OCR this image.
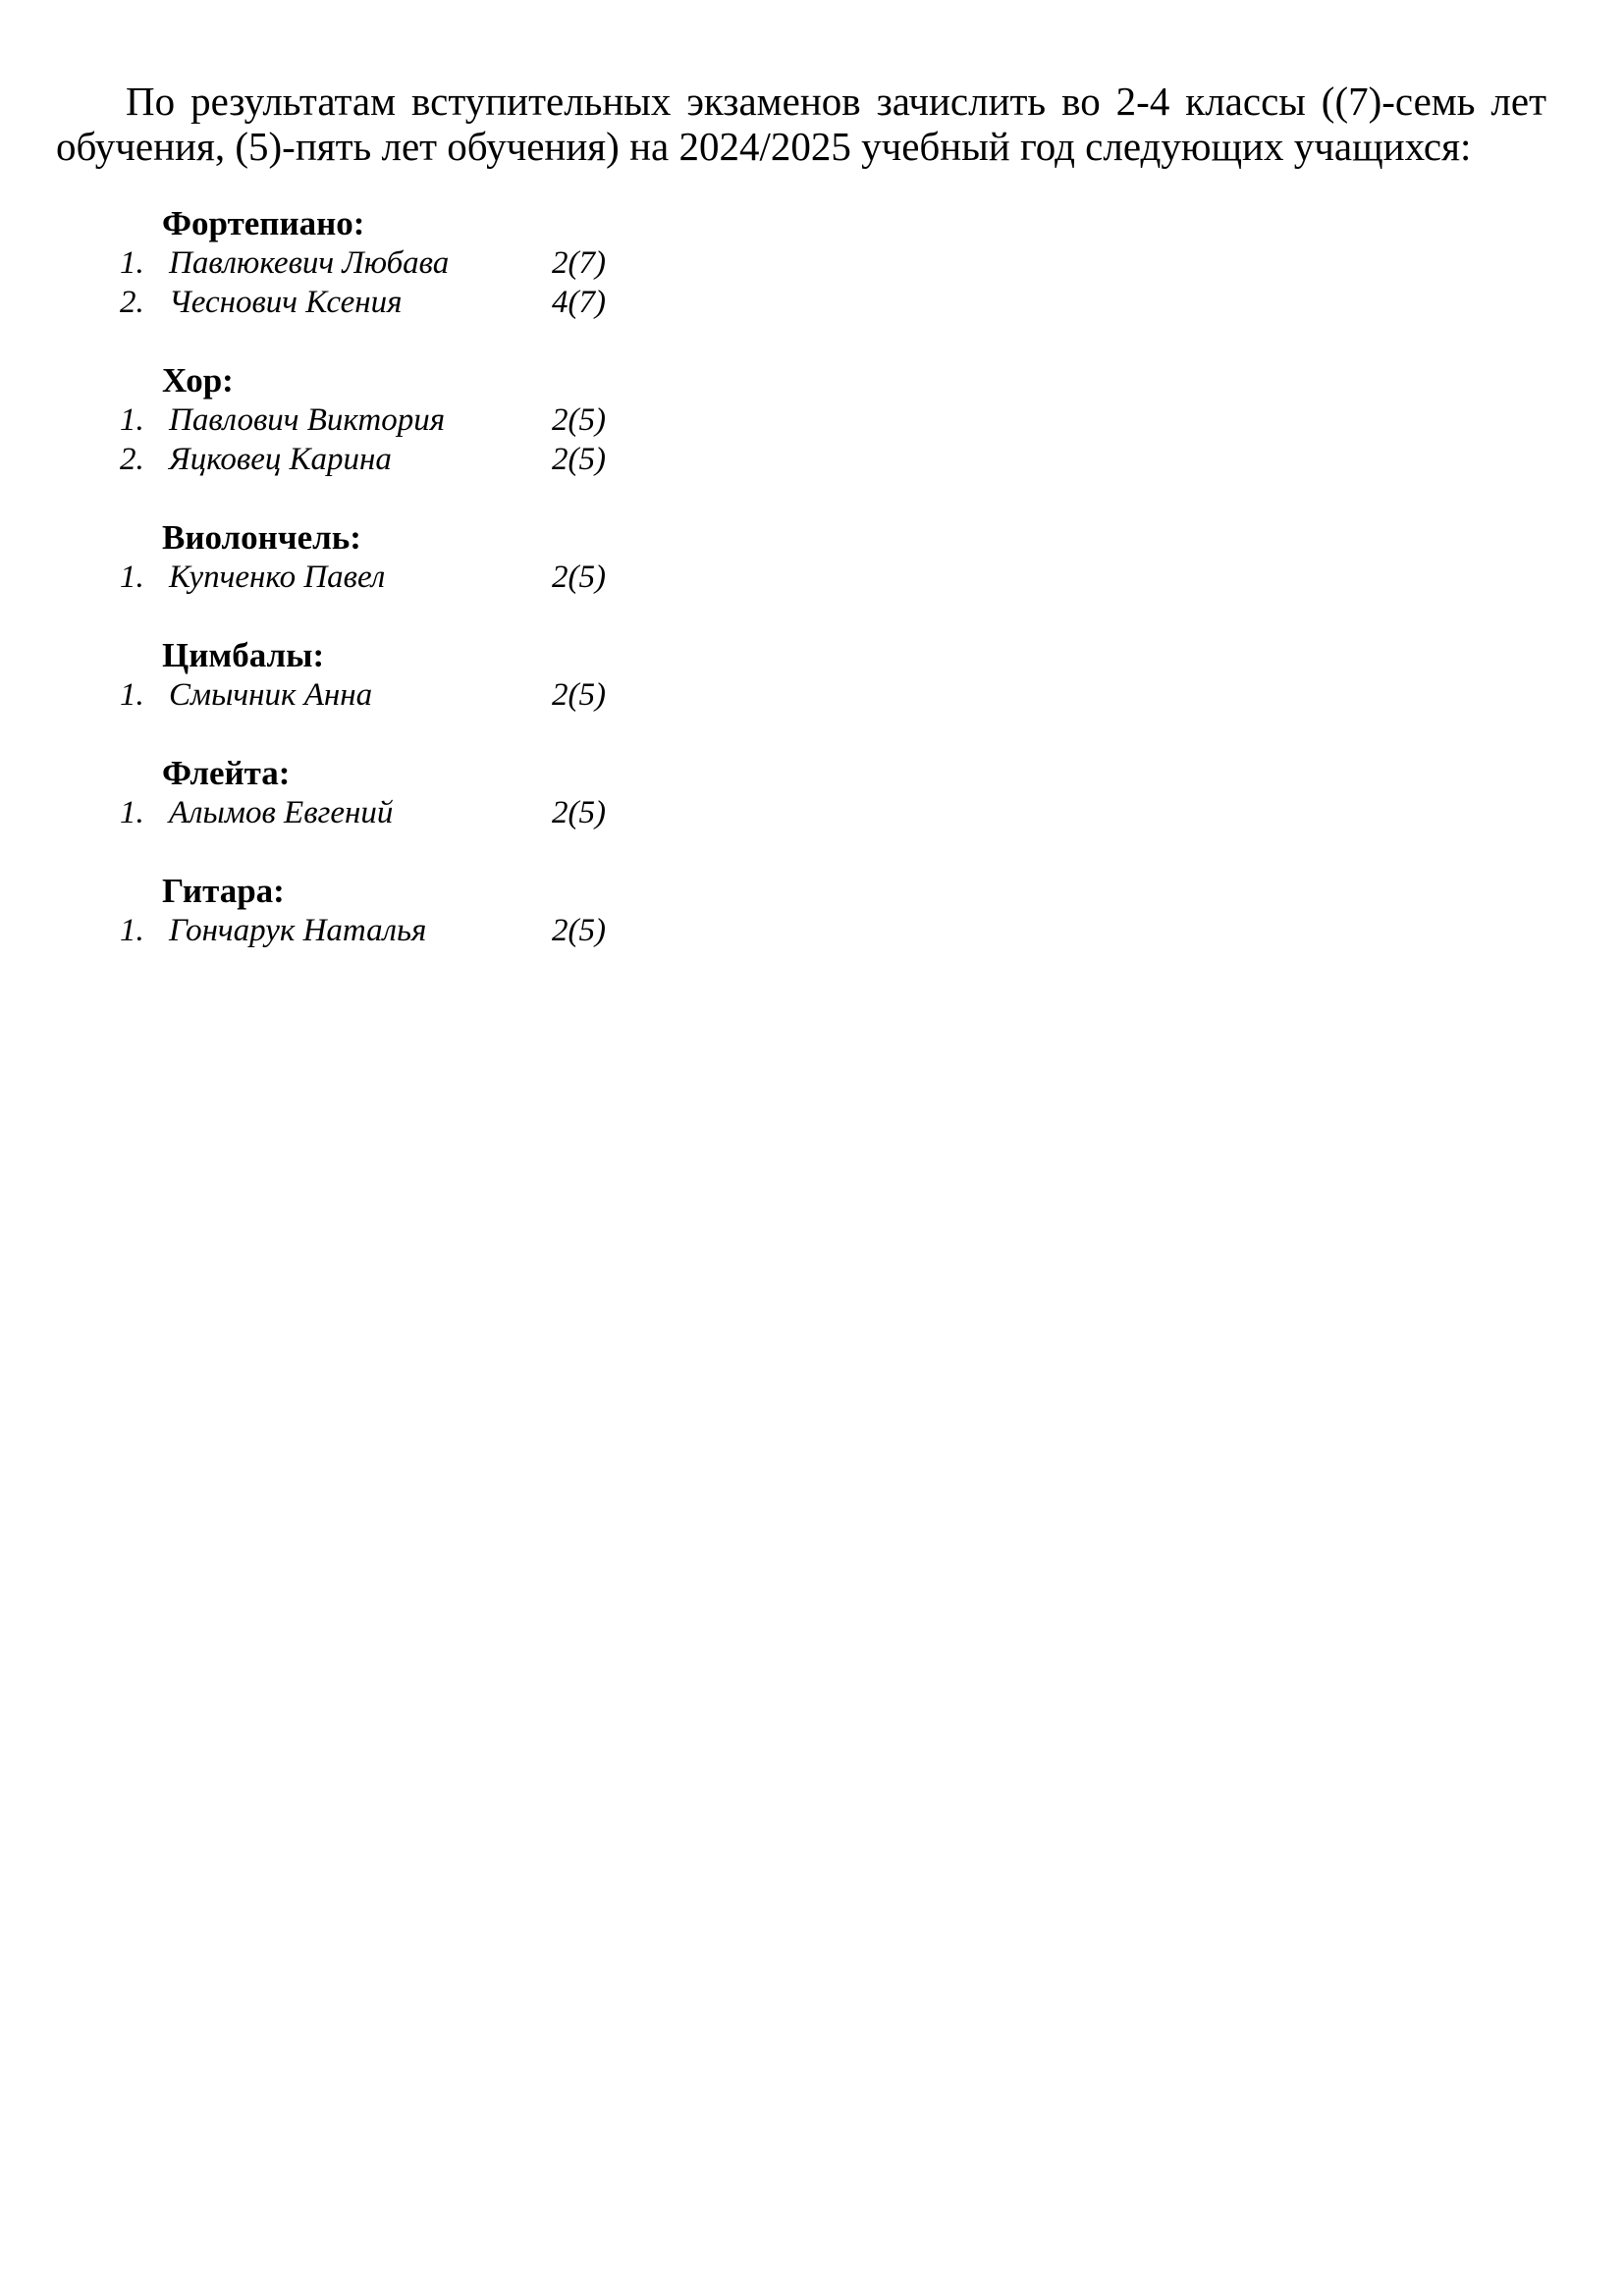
По результатам вступительных экзаменов зачислить во 2-4 классы ((7)-семь лет
обучения, (5)-пять лет обучения) на 2024/2025 учебный год следующих учащихся:
Фортепиано:
1. Павлюкевич Любава	2(7)
2. Чеснович Ксения	4(7)
Хор:
1. Павлович Виктория	2(5)
2. Яцковец Карина	2(5)
Виолончель:
1. Купченко Павел	2(5)
Цимбалы:
1. Смычник Анна	2(5)
Флейта:
1. Алымов Евгений	2(5)
Гитара:
1. Гончарук Наталья	2(5)
